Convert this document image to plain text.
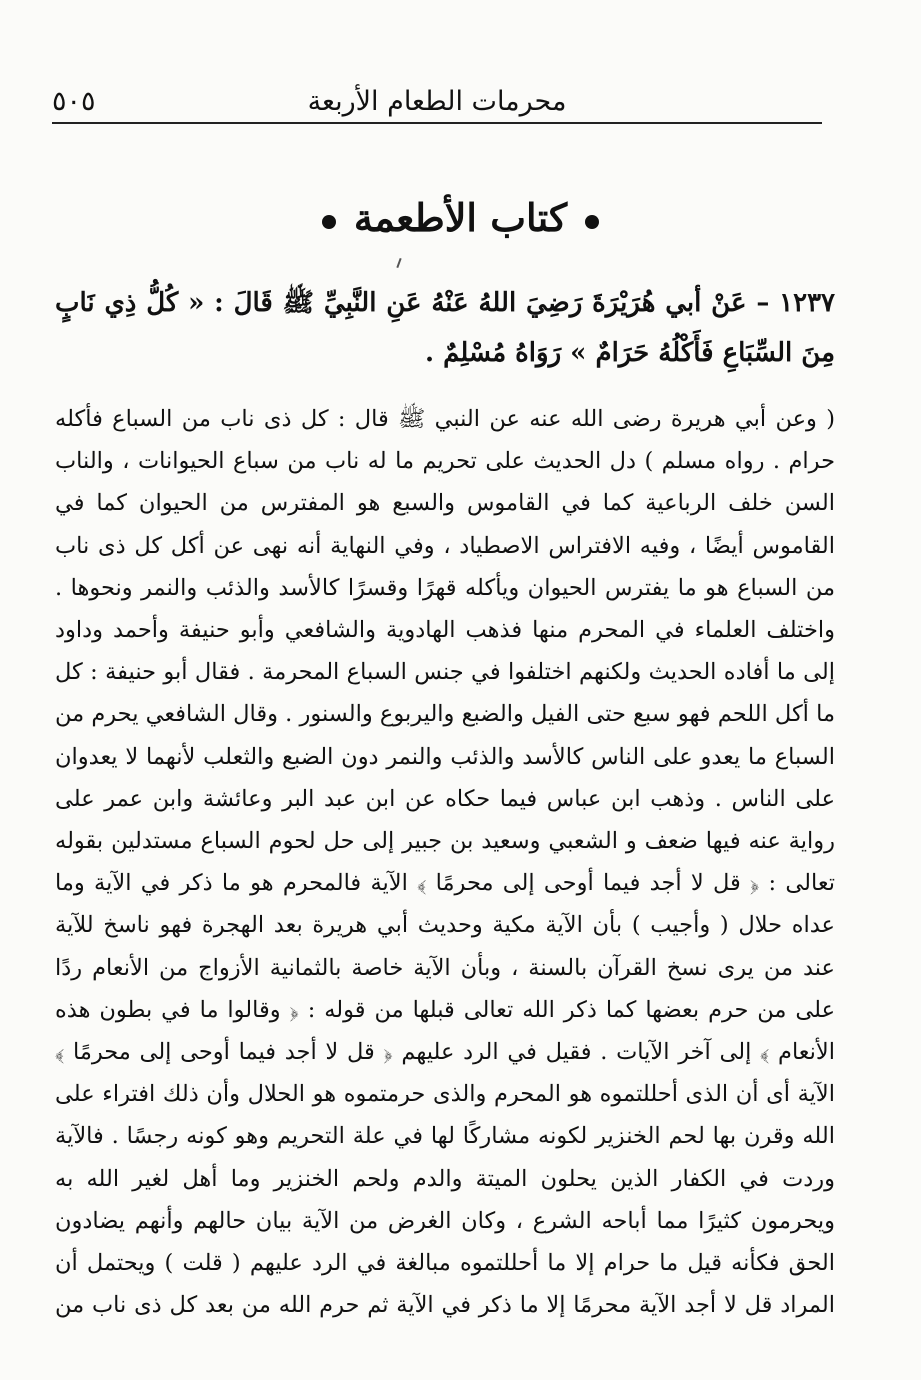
محرمات الطعام الأربعة
٥٠٥
كتاب الأطعمة
١٢٣٧ – عَنْ أبي هُرَيْرَةَ رَضِيَ اللهُ عَنْهُ عَنِ النَّبِيِّ ﷺ قَالَ : « كُلُّ ذِي نَابٍ مِنَ السِّبَاعِ فَأَكْلُهُ حَرَامٌ » رَوَاهُ مُسْلِمٌ .

( وعن أبي هريرة رضى الله عنه عن النبي ﷺ قال : كل ذى ناب من السباع فأكله حرام . رواه مسلم ) دل الحديث على تحريم ما له ناب من سباع الحيوانات ، والناب السن خلف الرباعية كما في القاموس والسبع هو المفترس من الحيوان كما في القاموس أيضًا ، وفيه الافتراس الاصطياد ، وفي النهاية أنه نهى عن أكل كل ذى ناب من السباع هو ما يفترس الحيوان ويأكله قهرًا وقسرًا كالأسد والذئب والنمر ونحوها . واختلف العلماء في المحرم منها فذهب الهادوية والشافعي وأبو حنيفة وأحمد وداود إلى ما أفاده الحديث ولكنهم اختلفوا في جنس السباع المحرمة . فقال أبو حنيفة : كل ما أكل اللحم فهو سبع حتى الفيل والضبع واليربوع والسنور . وقال الشافعي يحرم من السباع ما يعدو على الناس كالأسد والذئب والنمر دون الضبع والثعلب لأنهما لا يعدوان على الناس . وذهب ابن عباس فيما حكاه عن ابن عبد البر وعائشة وابن عمر على رواية عنه فيها ضعف و الشعبي وسعيد بن جبير إلى حل لحوم السباع مستدلين بقوله تعالى : ﴿ قل لا أجد فيما أوحى إلى محرمًا ﴾ الآية فالمحرم هو ما ذكر في الآية وما عداه حلال ( وأجيب ) بأن الآية مكية وحديث أبي هريرة بعد الهجرة فهو ناسخ للآية عند من يرى نسخ القرآن بالسنة ، وبأن الآية خاصة بالثمانية الأزواج من الأنعام ردًا على من حرم بعضها كما ذكر الله تعالى قبلها من قوله : ﴿ وقالوا ما في بطون هذه الأنعام ﴾ إلى آخر الآيات . فقيل في الرد عليهم ﴿ قل لا أجد فيما أوحى إلى محرمًا ﴾ الآية أى أن الذى أحللتموه هو المحرم والذى حرمتموه هو الحلال وأن ذلك افتراء على الله وقرن بها لحم الخنزير لكونه مشاركًا لها في علة التحريم وهو كونه رجسًا . فالآية وردت في الكفار الذين يحلون الميتة والدم ولحم الخنزير وما أهل لغير الله به ويحرمون كثيرًا مما أباحه الشرع ، وكان الغرض من الآية بيان حالهم وأنهم يضادون الحق فكأنه قيل ما حرام إلا ما أحللتموه مبالغة في الرد عليهم ( قلت ) ويحتمل أن المراد قل لا أجد الآية محرمًا إلا ما ذكر في الآية ثم حرم الله من بعد كل ذى ناب من
